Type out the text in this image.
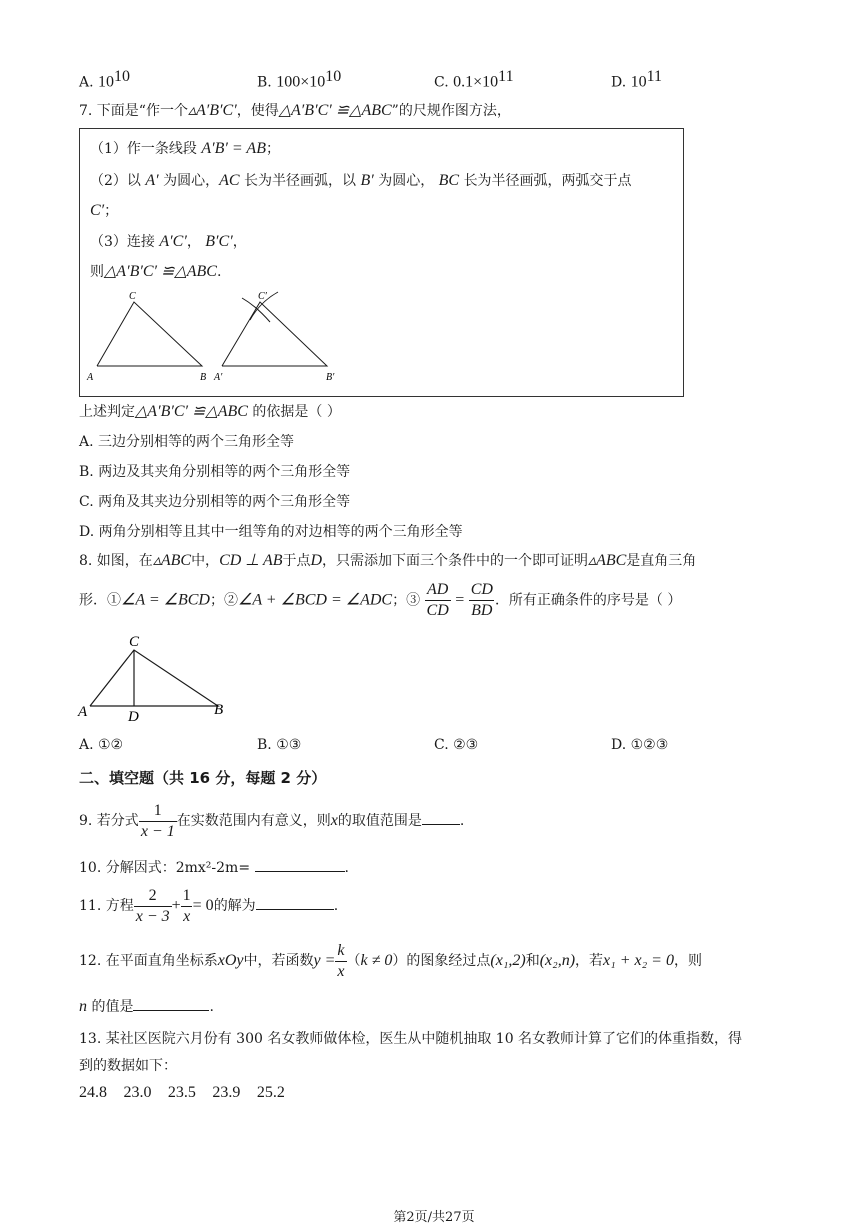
A. $10^{10}$	B. $100\times 10^{10}$	C. $0.1\times 10^{11}$	D. $10^{11}$
7. 下面是“作一个▵A′B′C′，使得△A′B′C′ ≌△ABC”的尺规作图方法，
（1）作一条线段 A′B′ = AB；
（2）以 A′ 为圆心，AC 长为半径画弧，以 B′ 为圆心， BC 长为半径画弧，两弧交于点
C′；
（3）连接 A′C′， B′C′，
则△A′B′C′ ≌△ABC.
A	B
C
A′	B′
C′
上述判定△A′B′C′ ≌△ABC 的依据是（ ）
A. 三边分别相等的两个三角形全等
B. 两边及其夹角分别相等的两个三角形全等
C. 两角及其夹边分别相等的两个三角形全等
D. 两角分别相等且其中一组等角的对边相等的两个三角形全等
8. 如图，在▵ABC中，CD ⊥ AB于点D，只需添加下面三个条件中的一个即可证明▵ABC是直角三角
形．①∠A = ∠BCD；②∠A + ∠BCD = ∠ADC；③ $\frac{AD}{CD} = \frac{CD}{BD}$ ．所有正确条件的序号是（ ）
A	B
C
D
A. ①②	B. ①③	C. ②③	D. ①②③
二、填空题（共 16 分，每题 2 分）
9. 若分式 $\frac{1}{x - 1}$ 在实数范围内有意义，则x的取值范围是	.
10. 分解因式：2mx²-2m=	.
11. 方程 $\frac{2}{x - 3} + \frac{1}{x} = 0$的解为	.
12. 在平面直角坐标系xOy中，若函数$y = \frac{k}{x} (k \ne 0)$的图象经过点(x₁,2)和(x₂,n)，若x₁ + x₂ = 0，则
n 的值是	.
13. 某社区医院六月份有 300 名女教师做体检，医生从中随机抽取 10 名女教师计算了它们的体重指数，得
到的数据如下：
24.8 23.0 23.5 23.9 25.2
第2页/共27页
